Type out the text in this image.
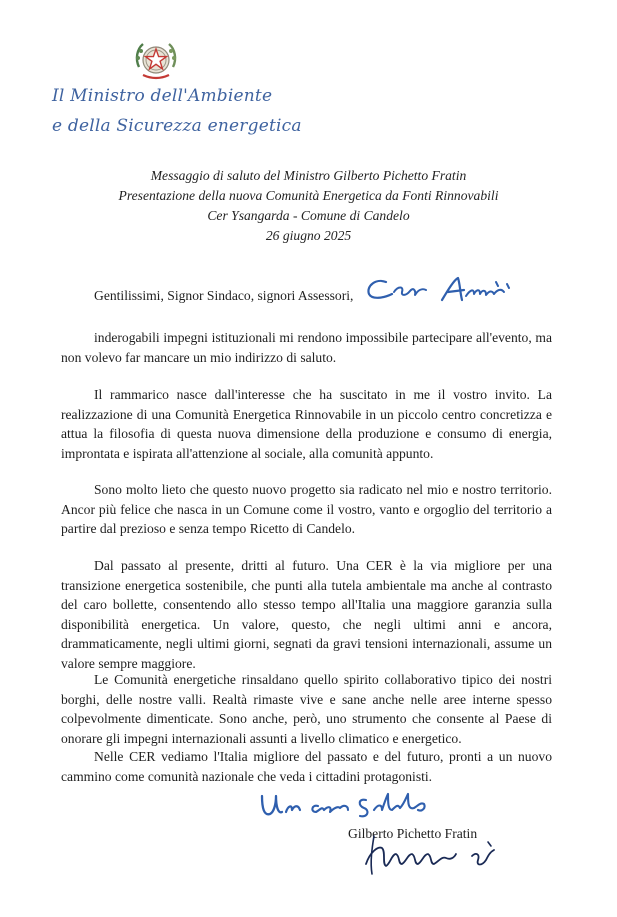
Il Ministro dell'Ambiente
e della Sicurezza energetica
Messaggio di saluto del Ministro Gilberto Pichetto Fratin
Presentazione della nuova Comunità Energetica da Fonti Rinnovabili
Cer Ysangarda - Comune di Candelo
26 giugno 2025
Gentilissimi, Signor Sindaco, signori Assessori,
inderogabili impegni istituzionali mi rendono impossibile partecipare all'evento, ma non volevo far mancare un mio indirizzo di saluto.
Il rammarico nasce dall'interesse che ha suscitato in me il vostro invito. La realizzazione di una Comunità Energetica Rinnovabile in un piccolo centro concretizza e attua la filosofia di questa nuova dimensione della produzione e consumo di energia, improntata e ispirata all'attenzione al sociale, alla comunità appunto.
Sono molto lieto che questo nuovo progetto sia radicato nel mio e nostro territorio. Ancor più felice che nasca in un Comune come il vostro, vanto e orgoglio del territorio a partire dal prezioso e senza tempo Ricetto di Candelo.
Dal passato al presente, dritti al futuro. Una CER è la via migliore per una transizione energetica sostenibile, che punti alla tutela ambientale ma anche al contrasto del caro bollette, consentendo allo stesso tempo all'Italia una maggiore garanzia sulla disponibilità energetica. Un valore, questo, che negli ultimi anni e ancora, drammaticamente, negli ultimi giorni, segnati da gravi tensioni internazionali, assume un valore sempre maggiore.
Le Comunità energetiche rinsaldano quello spirito collaborativo tipico dei nostri borghi, delle nostre valli. Realtà rimaste vive e sane anche nelle aree interne spesso colpevolmente dimenticate. Sono anche, però, uno strumento che consente al Paese di onorare gli impegni internazionali assunti a livello climatico e energetico.
Nelle CER vediamo l'Italia migliore del passato e del futuro, pronti a un nuovo cammino come comunità nazionale che veda i cittadini protagonisti.
Gilberto Pichetto Fratin
